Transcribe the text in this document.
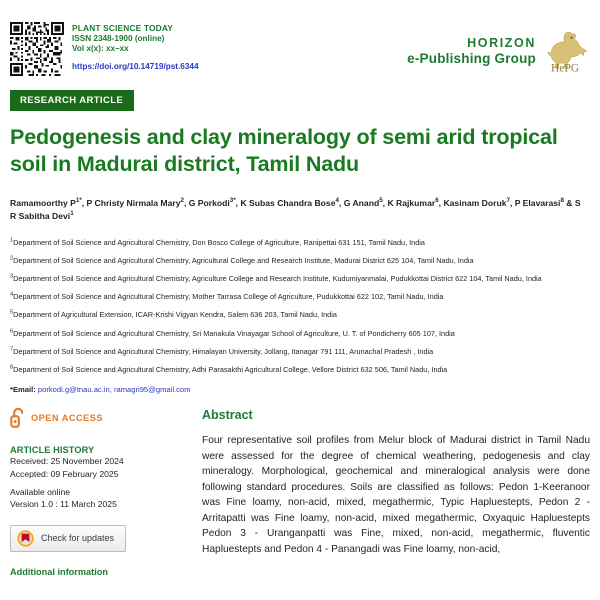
PLANT SCIENCE TODAY
ISSN 2348-1900 (online)
Vol x(x): xx–xx
https://doi.org/10.14719/pst.6344
HORIZON
e-Publishing Group
HePG
RESEARCH ARTICLE
Pedogenesis and clay mineralogy of semi arid tropical soil in Madurai district, Tamil Nadu
Ramamoorthy $P^{1*}$, P Christy Nirmala Mary$^2$, G Porkodi$^{3*}$, K Subas Chandra Bose$^4$, G Anand$^5$, K Rajkumar$^6$, Kasinam Doruk$^7$, P Elavarasi$^8$ & S R Sabitha Devi$^1$
$^1$Department of Soil Science and Agricultural Chemistry, Don Bosco College of Agriculture, Ranipettai 631 151, Tamil Nadu, India
$^2$Department of Soil Science and Agricultural Chemistry, Agricultural College and Research Institute, Madurai District 625 104, Tamil Nadu, India
$^3$Department of Soil Science and Agricultural Chemistry, Agriculture College and Research Institute, Kudumiyanmalai, Pudukkottai District 622 104, Tamil Nadu, India
$^4$Department of Soil Science and Agricultural Chemistry, Mother Tarrasa College of Agriculture, Pudukkottai 622 102, Tamil Nadu, India
$^5$Department of Agricultural Extension, ICAR-Krishi Vigyan Kendra, Salem 636 203, Tamil Nadu, India
$^6$Department of Soil Science and Agricultural Chemistry, Sri Manakula Vinayagar School of Agriculture, U. T. of Pondicherry 605 107, India
$^7$Department of Soil Science and Agricultural Chemistry, Himalayan University, Jollang, Itanagar 791 111, Arunachal Pradesh , India
$^8$Department of Soil Science and Agricultural Chemistry, Adhi Parasakthi Agricultural College, Vellore District 632 506, Tamil Nadu, India
*Email: porkodi.g@tnau.ac.in, ramagri95@gmail.com
OPEN ACCESS
ARTICLE HISTORY
Received: 25 November 2024
Accepted: 09 February 2025
Available online
Version 1.0 : 11 March 2025
Check for updates
Additional information
Abstract
Four representative soil profiles from Melur block of Madurai district in Tamil Nadu were assessed for the degree of chemical weathering, pedogenesis and clay mineralogy. Morphological, geochemical and mineralogical analysis were done following standard procedures. Soils are classified as follows: Pedon 1-Keeranoor was Fine loamy, non-acid, mixed, megathermic, Typic Hapluestepts, Pedon 2 - Arritapatti was Fine loamy, non-acid, mixed megathermic, Oxyaquic Hapluestepts Pedon 3 - Uranganpatti was Fine, mixed, non-acid, megathermic, fluventic Hapluestepts and Pedon 4 - Panangadi was Fine loamy, non-acid,
